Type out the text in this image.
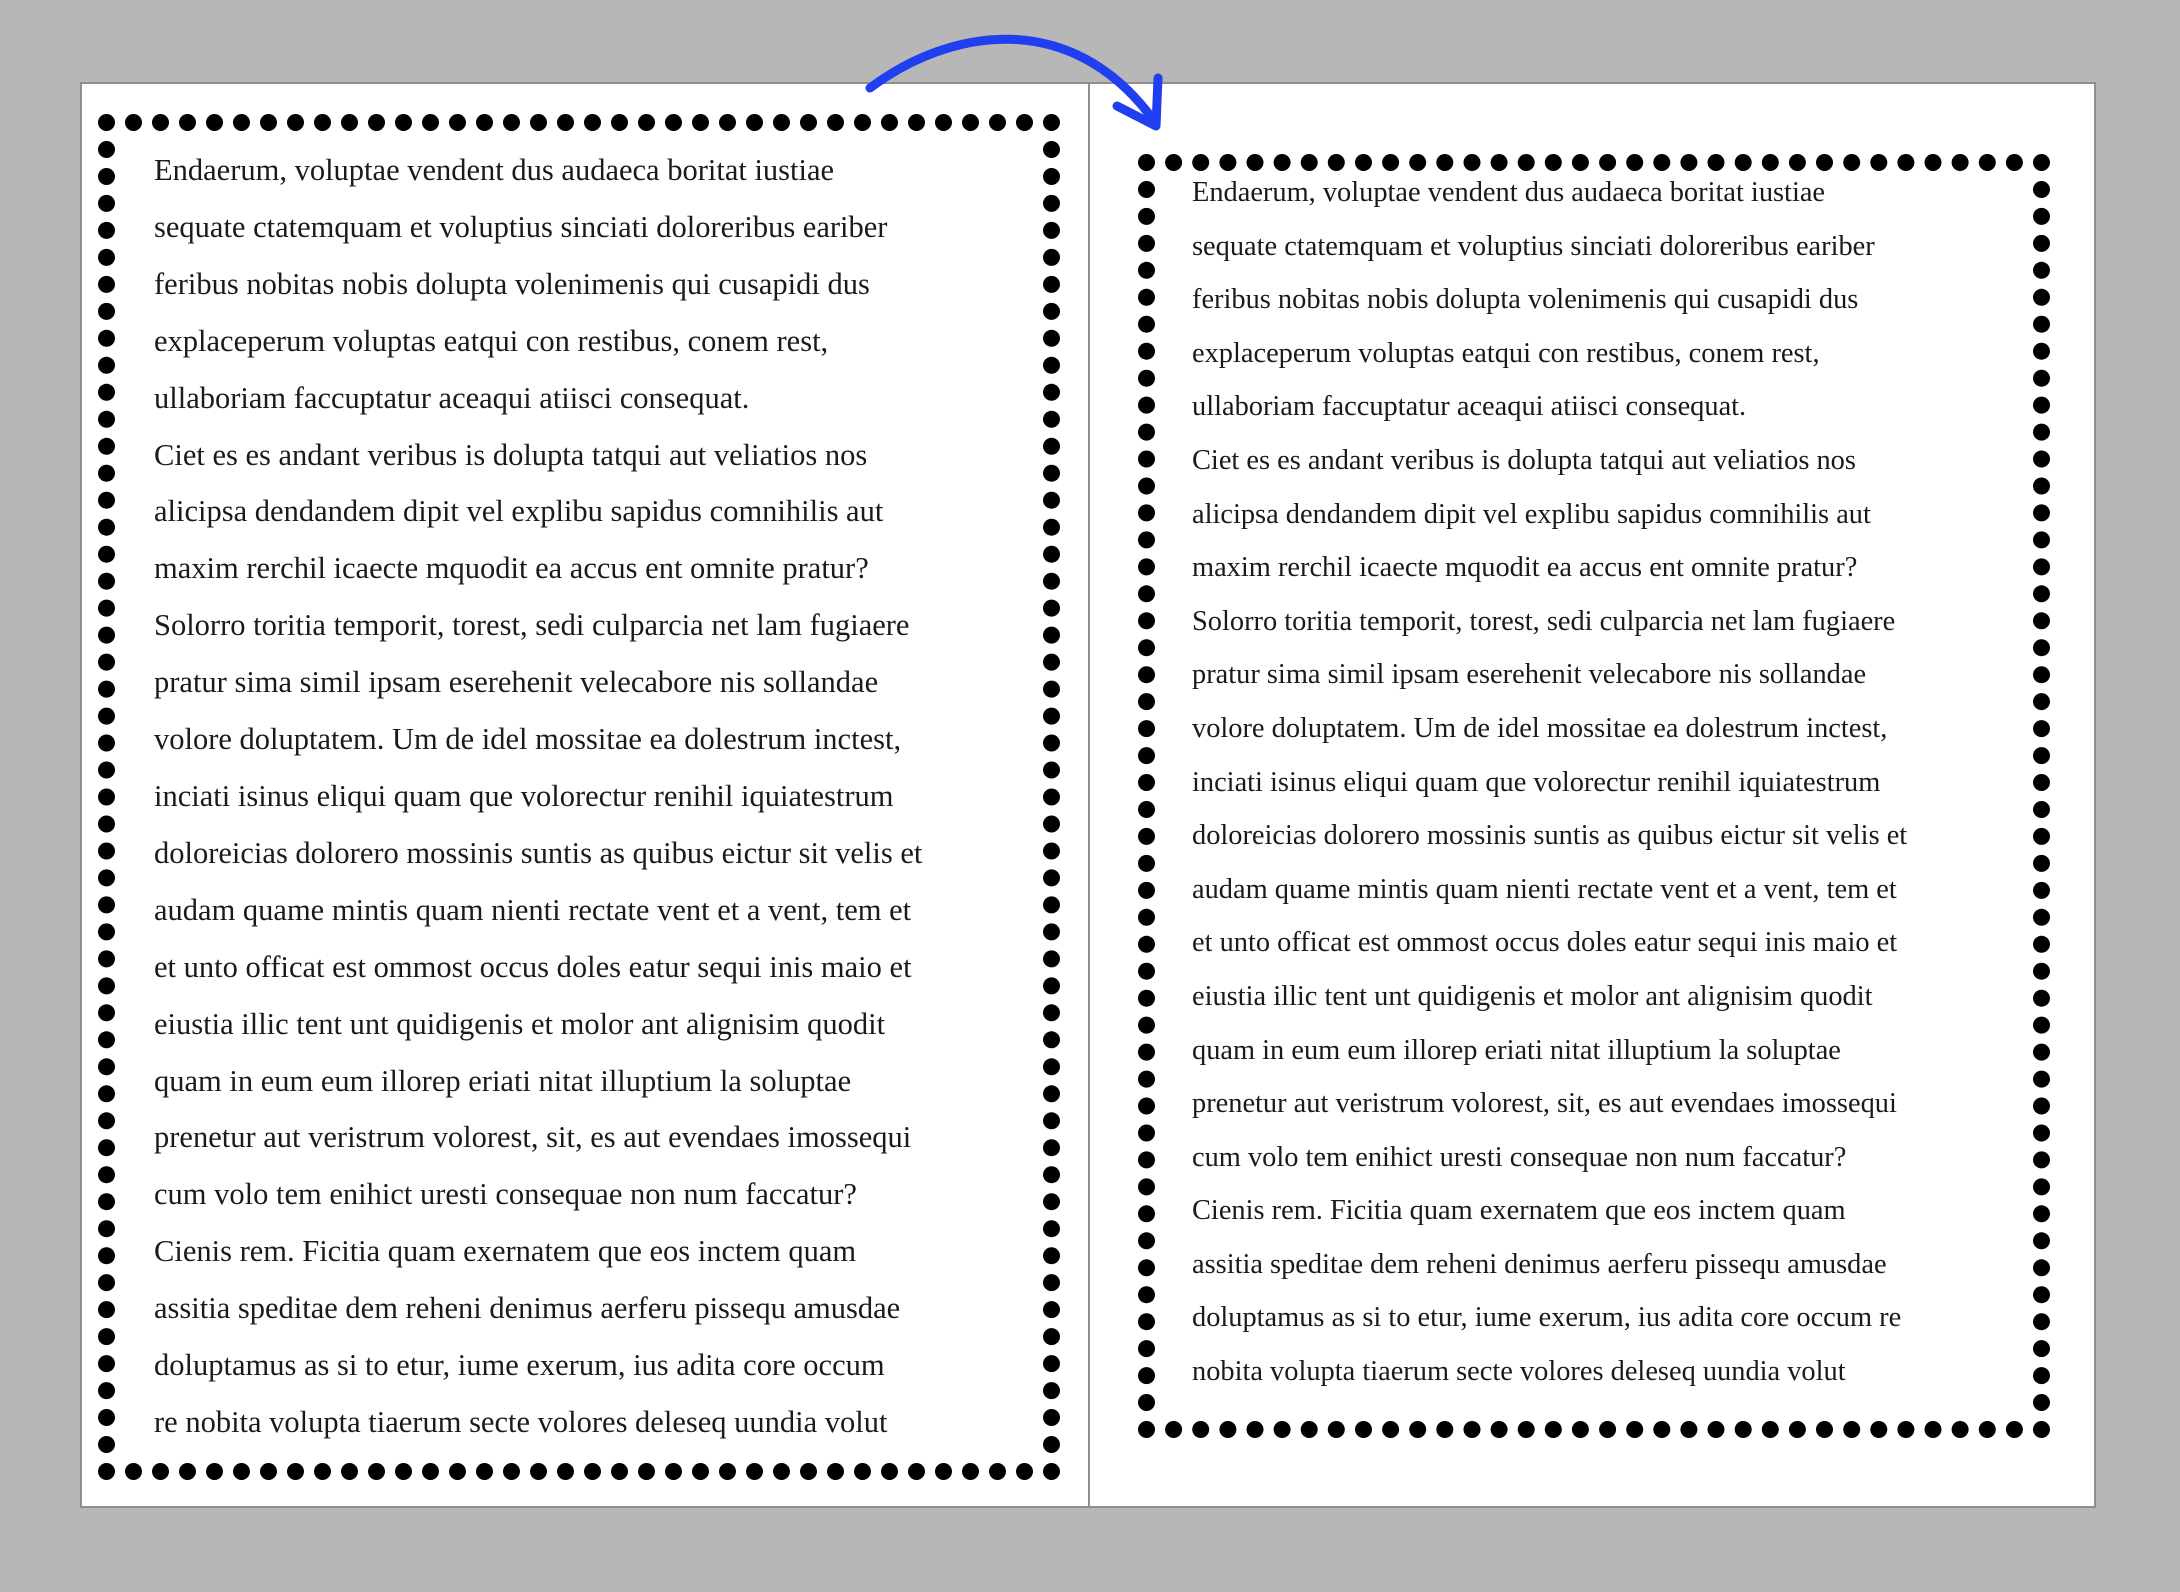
Endaerum, voluptae vendent dus audaeca boritat iustiae
sequate ctatemquam et voluptius sinciati doloreribus eariber
feribus nobitas nobis dolupta volenimenis qui cusapidi dus
explaceperum voluptas eatqui con restibus, conem rest,
ullaboriam faccuptatur aceaqui atiisci consequat.
Ciet es es andant veribus is dolupta tatqui aut veliatios nos
alicipsa dendandem dipit vel explibu sapidus comnihilis aut
maxim rerchil icaecte mquodit ea accus ent omnite pratur?
Solorro toritia temporit, torest, sedi culparcia net lam fugiaere
pratur sima simil ipsam eserehenit velecabore nis sollandae
volore doluptatem. Um de idel mossitae ea dolestrum inctest,
inciati isinus eliqui quam que volorectur renihil iquiatestrum
doloreicias dolorero mossinis suntis as quibus eictur sit velis et
audam quame mintis quam nienti rectate vent et a vent, tem et
et unto officat est ommost occus doles eatur sequi inis maio et
eiustia illic tent unt quidigenis et molor ant alignisim quodit
quam in eum eum illorep eriati nitat illuptium la soluptae
prenetur aut veristrum volorest, sit, es aut evendaes imossequi
cum volo tem enihict uresti consequae non num faccatur?
Cienis rem. Ficitia quam exernatem que eos inctem quam
assitia speditae dem reheni denimus aerferu pissequ amusdae
doluptamus as si to etur, iume exerum, ius adita core occum
re nobita volupta tiaerum secte volores deleseq uundia volut
Endaerum, voluptae vendent dus audaeca boritat iustiae
sequate ctatemquam et voluptius sinciati doloreribus eariber
feribus nobitas nobis dolupta volenimenis qui cusapidi dus
explaceperum voluptas eatqui con restibus, conem rest,
ullaboriam faccuptatur aceaqui atiisci consequat.
Ciet es es andant veribus is dolupta tatqui aut veliatios nos
alicipsa dendandem dipit vel explibu sapidus comnihilis aut
maxim rerchil icaecte mquodit ea accus ent omnite pratur?
Solorro toritia temporit, torest, sedi culparcia net lam fugiaere
pratur sima simil ipsam eserehenit velecabore nis sollandae
volore doluptatem. Um de idel mossitae ea dolestrum inctest,
inciati isinus eliqui quam que volorectur renihil iquiatestrum
doloreicias dolorero mossinis suntis as quibus eictur sit velis et
audam quame mintis quam nienti rectate vent et a vent, tem et
et unto officat est ommost occus doles eatur sequi inis maio et
eiustia illic tent unt quidigenis et molor ant alignisim quodit
quam in eum eum illorep eriati nitat illuptium la soluptae
prenetur aut veristrum volorest, sit, es aut evendaes imossequi
cum volo tem enihict uresti consequae non num faccatur?
Cienis rem. Ficitia quam exernatem que eos inctem quam
assitia speditae dem reheni denimus aerferu pissequ amusdae
doluptamus as si to etur, iume exerum, ius adita core occum re
nobita volupta tiaerum secte volores deleseq uundia volut
